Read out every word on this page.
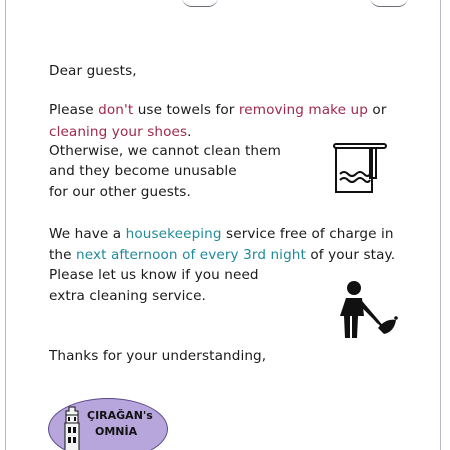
Dear guests,
Please don't use towels for removing make up or
cleaning your shoes.
Otherwise, we cannot clean them
and they become unusable
for our other guests.
We have a housekeeping service free of charge in
the next afternoon of every 3rd night of your stay.
Please let us know if you need
extra cleaning service.
Thanks for your understanding,
ÇIRAĞAN's
OMNİA
